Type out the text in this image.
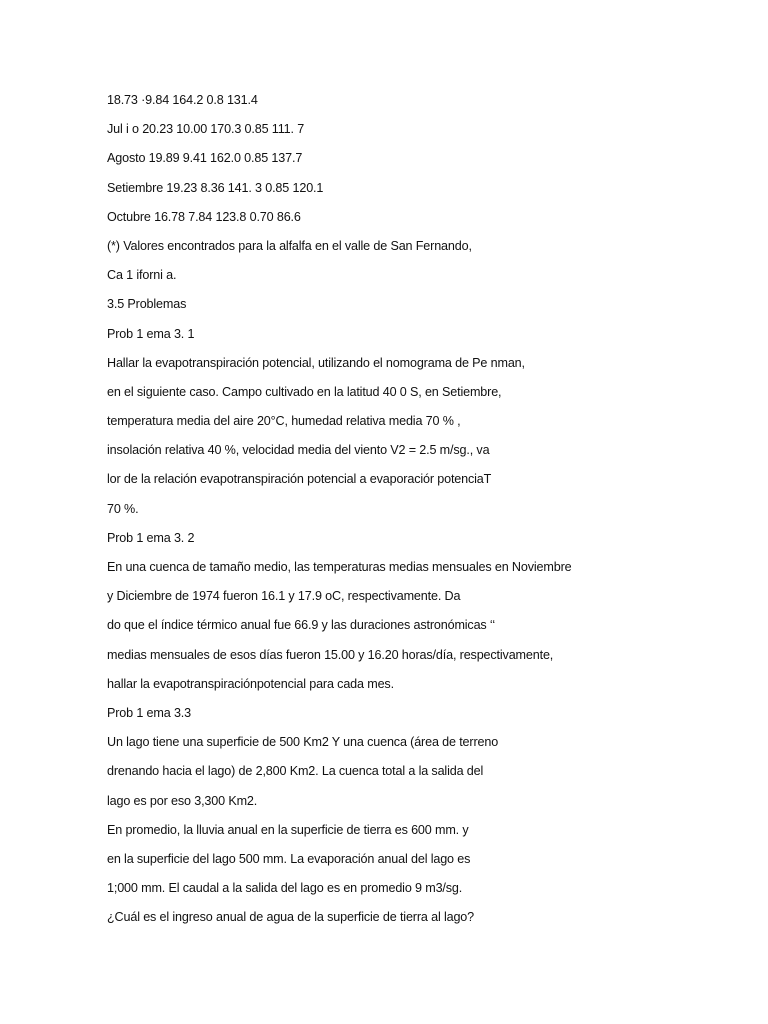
18.73 ·9.84 164.2 0.8 131.4
Jul i o 20.23 10.00 170.3 0.85 111. 7
Agosto 19.89 9.41 162.0 0.85 137.7
Setiembre 19.23 8.36 141. 3 0.85 120.1
Octubre 16.78 7.84 123.8 0.70 86.6
(*) Valores encontrados para la alfalfa en el valle de San Fernando,
Ca 1 iforni a.
3.5 Problemas
Prob 1 ema 3. 1
Hallar la evapotranspiración potencial, utilizando el nomograma de Pe nman,
en el siguiente caso. Campo cultivado en la latitud 40 0 S, en Setiembre,
temperatura media del aire 20°C, humedad relativa media 70 % ,
insolación relativa 40 %, velocidad media del viento V2 = 2.5 m/sg., va
lor de la relación evapotranspiración potencial a evaporaciór potenciaT
70 %.
Prob 1 ema 3. 2
En una cuenca de tamaño medio, las temperaturas medias mensuales en Noviembre
y Diciembre de 1974 fueron 16.1 y 17.9 oC, respectivamente. Da
do que el índice térmico anual fue 66.9 y las duraciones astronómicas ‘‘
medias mensuales de esos días fueron 15.00 y 16.20 horas/día, respectivamente,
hallar la evapotranspiraciónpotencial para cada mes.
Prob 1 ema 3.3
Un lago tiene una superficie de 500 Km2 Y una cuenca (área de terreno
drenando hacia el lago) de 2,800 Km2. La cuenca total a la salida del
lago es por eso 3,300 Km2.
En promedio, la lluvia anual en la superficie de tierra es 600 mm. y
en la superficie del lago 500 mm. La evaporación anual del lago es
1;000 mm. El caudal a la salida del lago es en promedio 9 m3/sg.
¿Cuál es el ingreso anual de agua de la superficie de tierra al lago?
